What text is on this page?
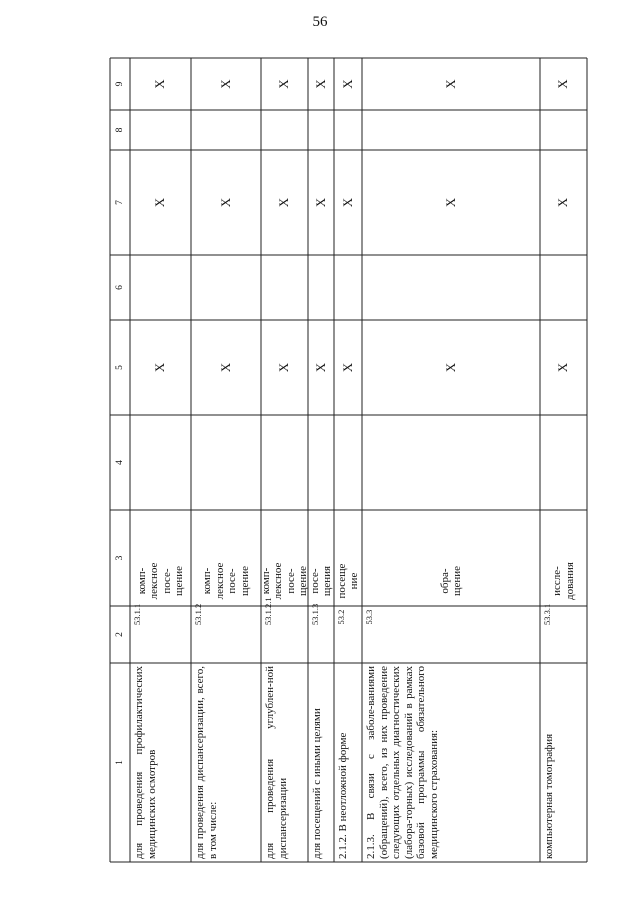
56
1
2
3
4
5
6
7
8
9
для проведения профилактических медицинских осмотров
53.1.1
комп-лексное посе-щение
X
X
X
для проведения диспансеризации, всего, в том числе:
53.1.2
комп-лексное посе-щение
X
X
X
для проведения углублен-ной диспансеризации
53.1.2.1
комп-лексное посе-щение
X
X
X
для посещений с иными целями
53.1.3
посе-щения
X
X
X
2.1.2. В неотложной форме
53.2
посеще ние
X
X
X
2.1.3. В связи с заболе-ваниями (обращений), всего, из них проведение следующих отдельных диагностических (лабора-торных) исследований в рамках базовой программы обязательного медицинского страхования:
53.3
обра-щение
X
X
X
компьютерная томография
53.3.1
иссле-дования
X
X
X
